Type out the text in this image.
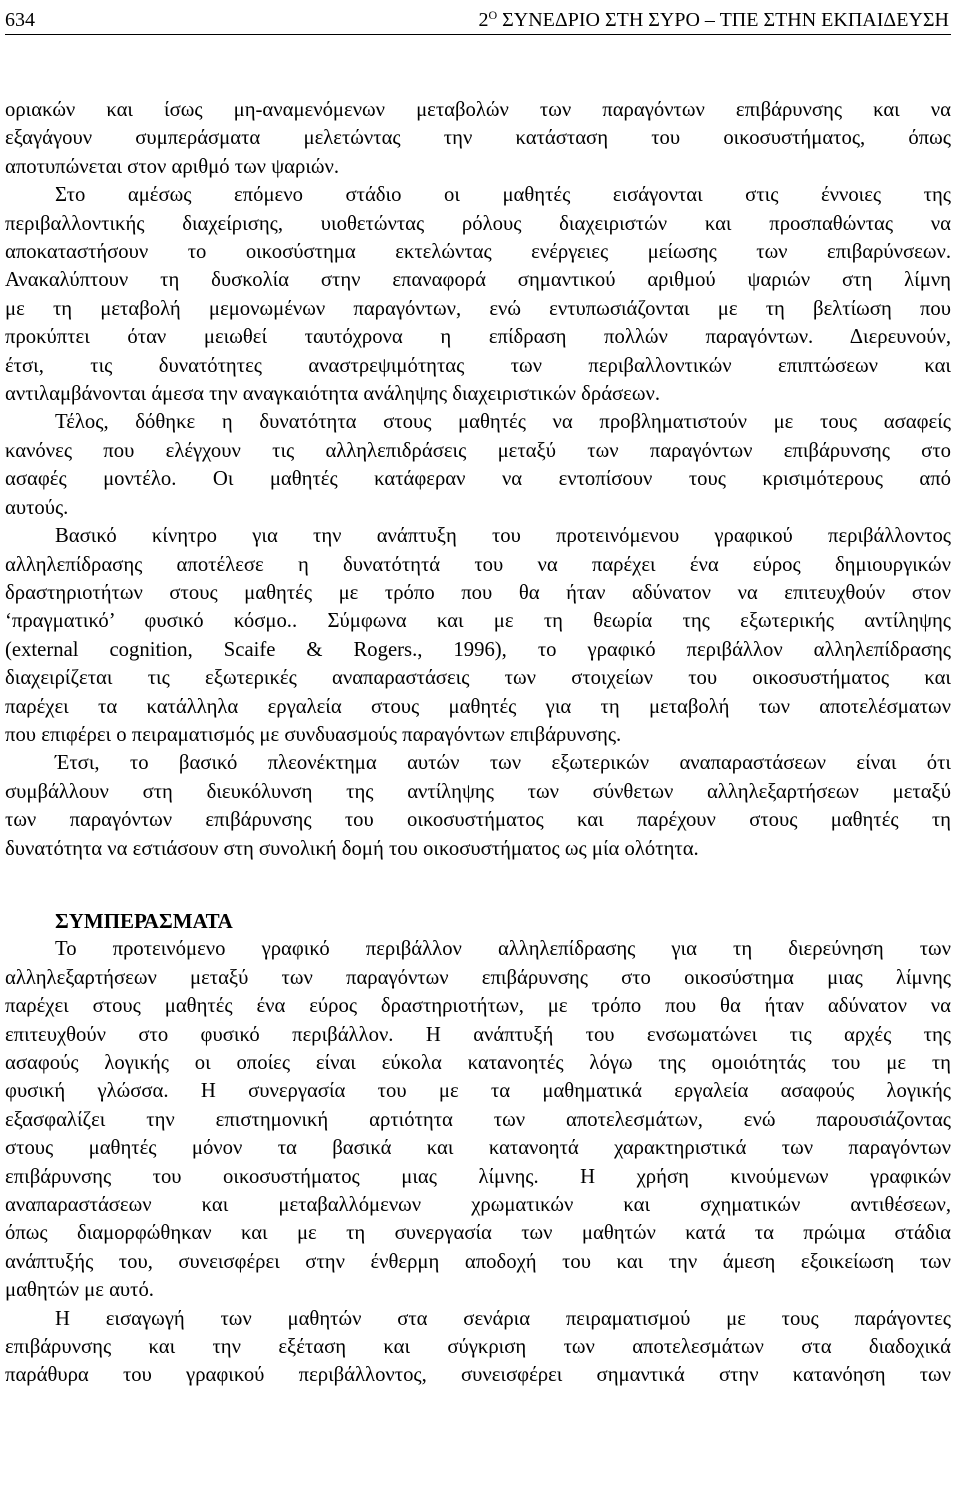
634	$2^O$ ΣΥΝΕΔΡΙΟ ΣΤΗ ΣΥΡΟ – ΤΠΕ ΣΤΗΝ ΕΚΠΑΙΔΕΥΣΗ
οριακών και ίσως μη-αναμενόμενων μεταβολών των παραγόντων επιβάρυνσης και να
εξαγάγουν συμπεράσματα μελετώντας την κατάσταση του οικοσυστήματος, όπως
αποτυπώνεται στον αριθμό των ψαριών.
Στο αμέσως επόμενο στάδιο οι μαθητές εισάγονται στις έννοιες της
περιβαλλοντικής διαχείρισης, υιοθετώντας ρόλους διαχειριστών και προσπαθώντας να
αποκαταστήσουν το οικοσύστημα εκτελώντας ενέργειες μείωσης των επιβαρύνσεων.
Ανακαλύπτουν τη δυσκολία στην επαναφορά σημαντικού αριθμού ψαριών στη λίμνη
με τη μεταβολή μεμονωμένων παραγόντων, ενώ εντυπωσιάζονται με τη βελτίωση που
προκύπτει όταν μειωθεί ταυτόχρονα η επίδραση πολλών παραγόντων. Διερευνούν,
έτσι, τις δυνατότητες αναστρεψιμότητας των περιβαλλοντικών επιπτώσεων και
αντιλαμβάνονται άμεσα την αναγκαιότητα ανάληψης διαχειριστικών δράσεων.
Τέλος, δόθηκε η δυνατότητα στους μαθητές να προβληματιστούν με τους ασαφείς
κανόνες που ελέγχουν τις αλληλεπιδράσεις μεταξύ των παραγόντων επιβάρυνσης στο
ασαφές μοντέλο. Οι μαθητές κατάφεραν να εντοπίσουν τους κρισιμότερους από
αυτούς.
Βασικό κίνητρο για την ανάπτυξη του προτεινόμενου γραφικού περιβάλλοντος
αλληλεπίδρασης αποτέλεσε η δυνατότητά του να παρέχει ένα εύρος δημιουργικών
δραστηριοτήτων στους μαθητές με τρόπο που θα ήταν αδύνατον να επιτευχθούν στον
‘πραγματικό’ φυσικό κόσμο.. Σύμφωνα και με τη θεωρία της εξωτερικής αντίληψης
(external cognition, Scaife & Rogers., 1996), το γραφικό περιβάλλον αλληλεπίδρασης
διαχειρίζεται τις εξωτερικές αναπαραστάσεις των στοιχείων του οικοσυστήματος και
παρέχει τα κατάλληλα εργαλεία στους μαθητές για τη μεταβολή των αποτελέσματων
που επιφέρει ο πειραματισμός με συνδυασμούς παραγόντων επιβάρυνσης.
Έτσι, το βασικό πλεονέκτημα αυτών των εξωτερικών αναπαραστάσεων είναι ότι
συμβάλλουν στη διευκόλυνση της αντίληψης των σύνθετων αλληλεξαρτήσεων μεταξύ
των παραγόντων επιβάρυνσης του οικοσυστήματος και παρέχουν στους μαθητές τη
δυνατότητα να εστιάσουν στη συνολική δομή του οικοσυστήματος ως μία ολότητα.
ΣΥΜΠΕΡΑΣΜΑΤΑ
Το προτεινόμενο γραφικό περιβάλλον αλληλεπίδρασης για τη διερεύνηση των
αλληλεξαρτήσεων μεταξύ των παραγόντων επιβάρυνσης στο οικοσύστημα μιας λίμνης
παρέχει στους μαθητές ένα εύρος δραστηριοτήτων, με τρόπο που θα ήταν αδύνατον να
επιτευχθούν στο φυσικό περιβάλλον. Η ανάπτυξή του ενσωματώνει τις αρχές της
ασαφούς λογικής οι οποίες είναι εύκολα κατανοητές λόγω της ομοιότητάς του με τη
φυσική γλώσσα. Η συνεργασία του με τα μαθηματικά εργαλεία ασαφούς λογικής
εξασφαλίζει την επιστημονική αρτιότητα των αποτελεσμάτων, ενώ παρουσιάζοντας
στους μαθητές μόνον τα βασικά και κατανοητά χαρακτηριστικά των παραγόντων
επιβάρυνσης του οικοσυστήματος μιας λίμνης. Η χρήση κινούμενων γραφικών
αναπαραστάσεων και μεταβαλλόμενων χρωματικών και σχηματικών αντιθέσεων,
όπως διαμορφώθηκαν και με τη συνεργασία των μαθητών κατά τα πρώιμα στάδια
ανάπτυξής του, συνεισφέρει στην ένθερμη αποδοχή του και την άμεση εξοικείωση των
μαθητών με αυτό.
Η εισαγωγή των μαθητών στα σενάρια πειραματισμού με τους παράγοντες
επιβάρυνσης και την εξέταση και σύγκριση των αποτελεσμάτων στα διαδοχικά
παράθυρα του γραφικού περιβάλλοντος, συνεισφέρει σημαντικά στην κατανόηση των
